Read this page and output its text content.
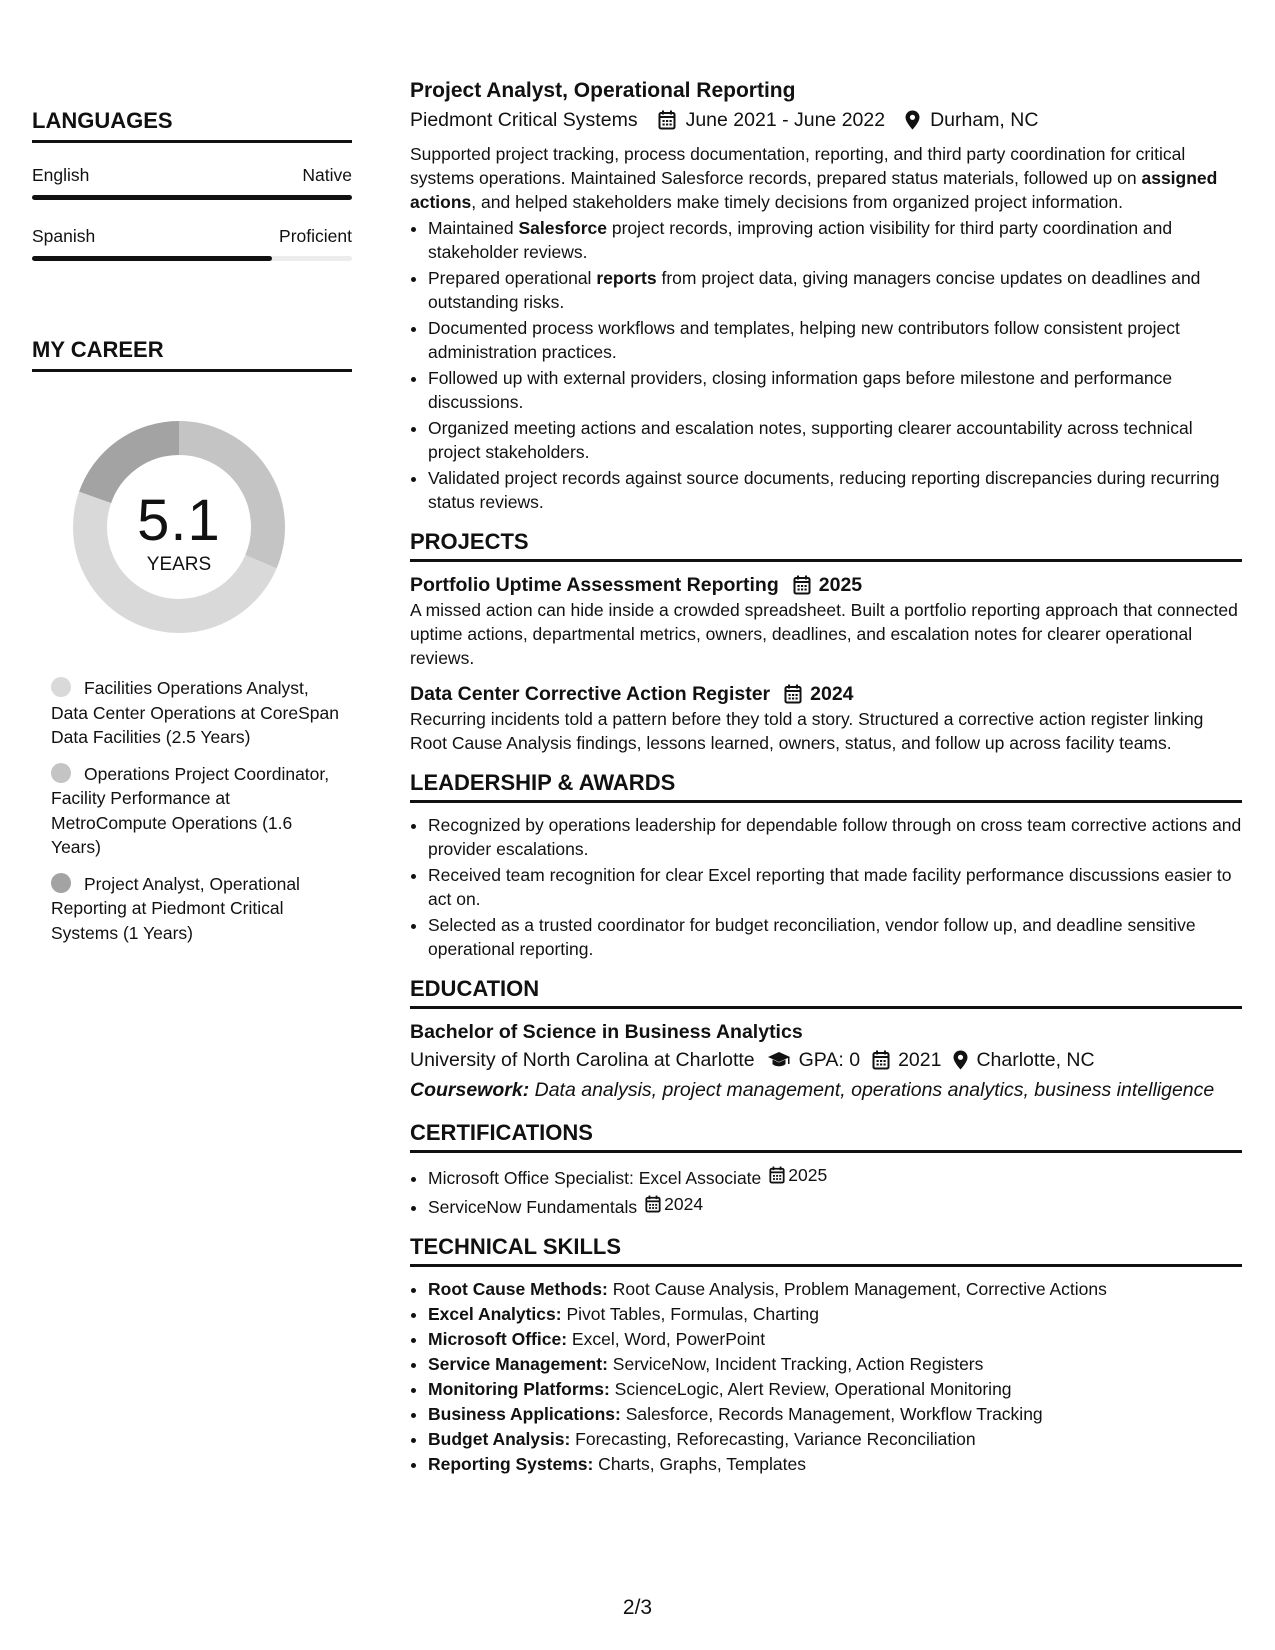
LANGUAGES
English	Native
Spanish	Proficient
MY CAREER
5.1
YEARS
Facilities Operations Analyst, Data Center Operations at CoreSpan Data Facilities (2.5 Years)
Operations Project Coordinator, Facility Performance at MetroCompute Operations (1.6 Years)
Project Analyst, Operational Reporting at Piedmont Critical Systems (1 Years)
Project Analyst, Operational Reporting
Piedmont Critical Systems June 2021 - June 2022 Durham, NC
Supported project tracking, process documentation, reporting, and third party coordination for critical systems operations. Maintained Salesforce records, prepared status materials, followed up on assigned actions, and helped stakeholders make timely decisions from organized project information.
• Maintained Salesforce project records, improving action visibility for third party coordination and stakeholder reviews.
• Prepared operational reports from project data, giving managers concise updates on deadlines and outstanding risks.
• Documented process workflows and templates, helping new contributors follow consistent project administration practices.
• Followed up with external providers, closing information gaps before milestone and performance discussions.
• Organized meeting actions and escalation notes, supporting clearer accountability across technical project stakeholders.
• Validated project records against source documents, reducing reporting discrepancies during recurring status reviews.
PROJECTS
Portfolio Uptime Assessment Reporting 2025
A missed action can hide inside a crowded spreadsheet. Built a portfolio reporting approach that connected uptime actions, departmental metrics, owners, deadlines, and escalation notes for clearer operational reviews.
Data Center Corrective Action Register 2024
Recurring incidents told a pattern before they told a story. Structured a corrective action register linking Root Cause Analysis findings, lessons learned, owners, status, and follow up across facility teams.
LEADERSHIP & AWARDS
• Recognized by operations leadership for dependable follow through on cross team corrective actions and provider escalations.
• Received team recognition for clear Excel reporting that made facility performance discussions easier to act on.
• Selected as a trusted coordinator for budget reconciliation, vendor follow up, and deadline sensitive operational reporting.
EDUCATION
Bachelor of Science in Business Analytics
University of North Carolina at Charlotte GPA: 0 2021 Charlotte, NC
Coursework: Data analysis, project management, operations analytics, business intelligence
CERTIFICATIONS
• Microsoft Office Specialist: Excel Associate 2025
• ServiceNow Fundamentals 2024
TECHNICAL SKILLS
• Root Cause Methods: Root Cause Analysis, Problem Management, Corrective Actions
• Excel Analytics: Pivot Tables, Formulas, Charting
• Microsoft Office: Excel, Word, PowerPoint
• Service Management: ServiceNow, Incident Tracking, Action Registers
• Monitoring Platforms: ScienceLogic, Alert Review, Operational Monitoring
• Business Applications: Salesforce, Records Management, Workflow Tracking
• Budget Analysis: Forecasting, Reforecasting, Variance Reconciliation
• Reporting Systems: Charts, Graphs, Templates
2/3
